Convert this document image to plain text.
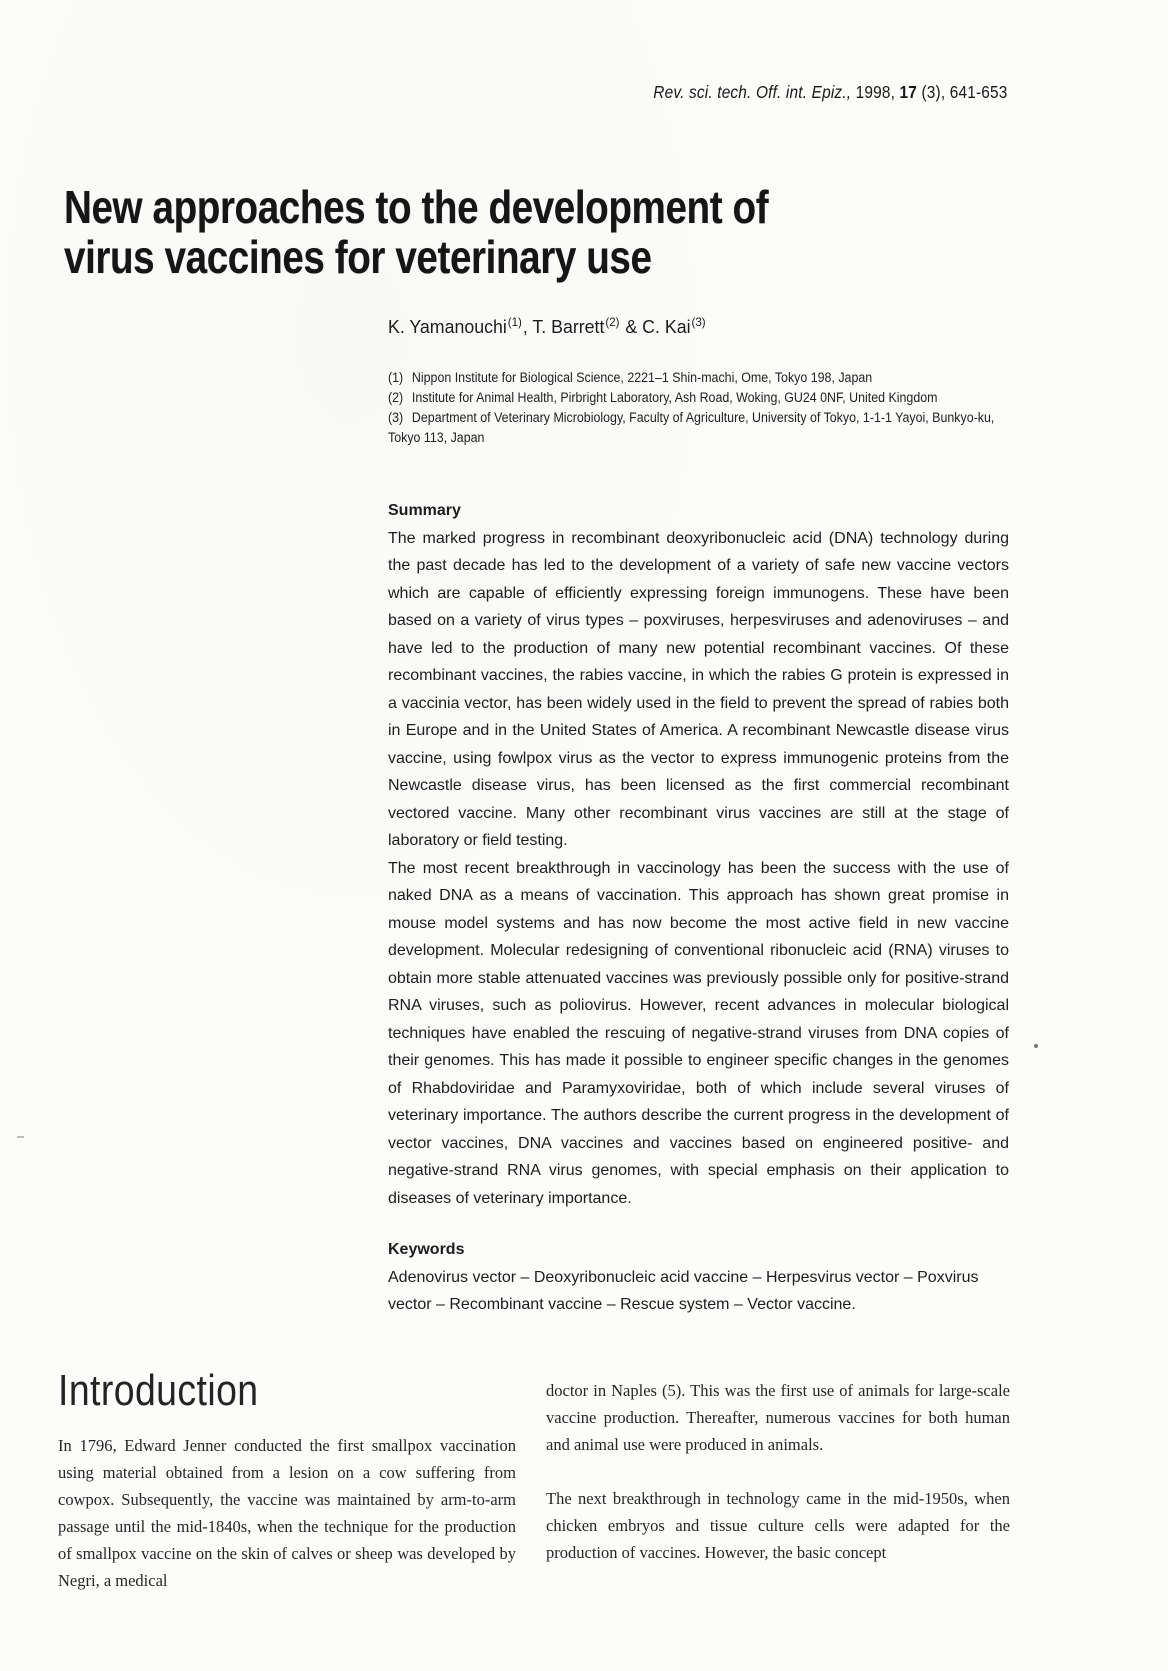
Rev. sci. tech. Off. int. Epiz., 1998, 17 (3), 641-653
New approaches to the development of
virus vaccines for veterinary use
K. Yamanouchi$^{(1)}$, T. Barrett$^{(2)}$ & C. Kai$^{(3)}$
(1) Nippon Institute for Biological Science, 2221–1 Shin-machi, Ome, Tokyo 198, Japan
(2) Institute for Animal Health, Pirbright Laboratory, Ash Road, Woking, GU24 0NF, United Kingdom
(3) Department of Veterinary Microbiology, Faculty of Agriculture, University of Tokyo, 1-1-1 Yayoi, Bunkyo-ku, Tokyo 113, Japan
Summary

The marked progress in recombinant deoxyribonucleic acid (DNA) technology during the past decade has led to the development of a variety of safe new vaccine vectors which are capable of efficiently expressing foreign immunogens. These have been based on a variety of virus types – poxviruses, herpesviruses and adenoviruses – and have led to the production of many new potential recombinant vaccines. Of these recombinant vaccines, the rabies vaccine, in which the rabies G protein is expressed in a vaccinia vector, has been widely used in the field to prevent the spread of rabies both in Europe and in the United States of America. A recombinant Newcastle disease virus vaccine, using fowlpox virus as the vector to express immunogenic proteins from the Newcastle disease virus, has been licensed as the first commercial recombinant vectored vaccine. Many other recombinant virus vaccines are still at the stage of laboratory or field testing.

The most recent breakthrough in vaccinology has been the success with the use of naked DNA as a means of vaccination. This approach has shown great promise in mouse model systems and has now become the most active field in new vaccine development. Molecular redesigning of conventional ribonucleic acid (RNA) viruses to obtain more stable attenuated vaccines was previously possible only for positive-strand RNA viruses, such as poliovirus. However, recent advances in molecular biological techniques have enabled the rescuing of negative-strand viruses from DNA copies of their genomes. This has made it possible to engineer specific changes in the genomes of Rhabdoviridae and Paramyxoviridae, both of which include several viruses of veterinary importance. The authors describe the current progress in the development of vector vaccines, DNA vaccines and vaccines based on engineered positive- and negative-strand RNA virus genomes, with special emphasis on their application to diseases of veterinary importance.

Keywords

Adenovirus vector – Deoxyribonucleic acid vaccine – Herpesvirus vector – Poxvirus vector – Recombinant vaccine – Rescue system – Vector vaccine.

Introduction

In 1796, Edward Jenner conducted the first smallpox vaccination using material obtained from a lesion on a cow suffering from cowpox. Subsequently, the vaccine was maintained by arm-to-arm passage until the mid-1840s, when the technique for the production of smallpox vaccine on the skin of calves or sheep was developed by Negri, a medical

doctor in Naples (5). This was the first use of animals for large-scale vaccine production. Thereafter, numerous vaccines for both human and animal use were produced in animals.

The next breakthrough in technology came in the mid-1950s, when chicken embryos and tissue culture cells were adapted for the production of vaccines. However, the basic concept
